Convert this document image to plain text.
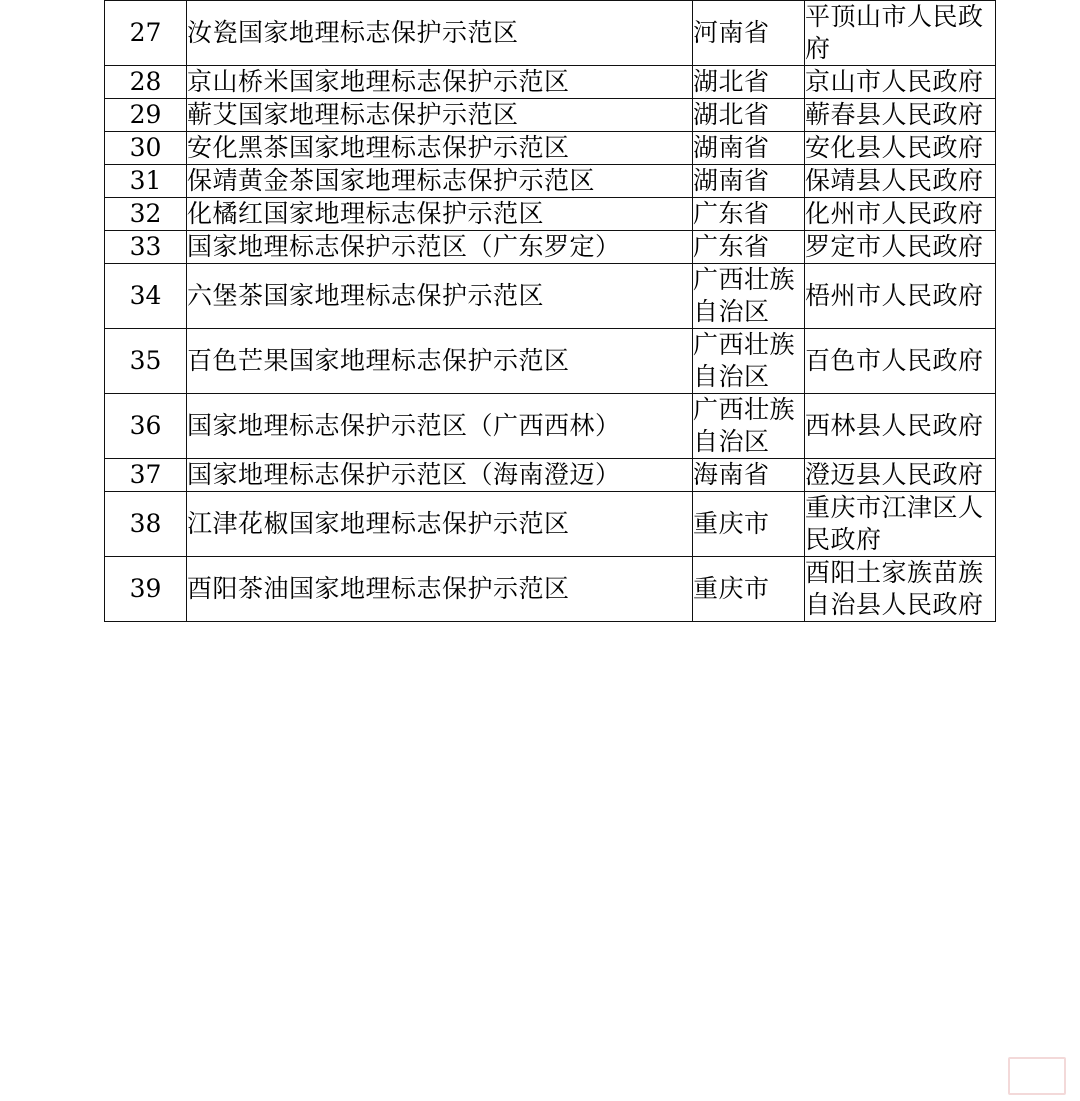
27	汝瓷国家地理标志保护示范区	河南省	平顶山市人民政府
28	京山桥米国家地理标志保护示范区	湖北省	京山市人民政府
29	蕲艾国家地理标志保护示范区	湖北省	蕲春县人民政府
30	安化黑茶国家地理标志保护示范区	湖南省	安化县人民政府
31	保靖黄金茶国家地理标志保护示范区	湖南省	保靖县人民政府
32	化橘红国家地理标志保护示范区	广东省	化州市人民政府
33	国家地理标志保护示范区（广东罗定）	广东省	罗定市人民政府
34	六堡茶国家地理标志保护示范区	广西壮族自治区	梧州市人民政府
35	百色芒果国家地理标志保护示范区	广西壮族自治区	百色市人民政府
36	国家地理标志保护示范区（广西西林）	广西壮族自治区	西林县人民政府
37	国家地理标志保护示范区（海南澄迈）	海南省	澄迈县人民政府
38	江津花椒国家地理标志保护示范区	重庆市	重庆市江津区人民政府
39	酉阳茶油国家地理标志保护示范区	重庆市	酉阳土家族苗族自治县人民政府
